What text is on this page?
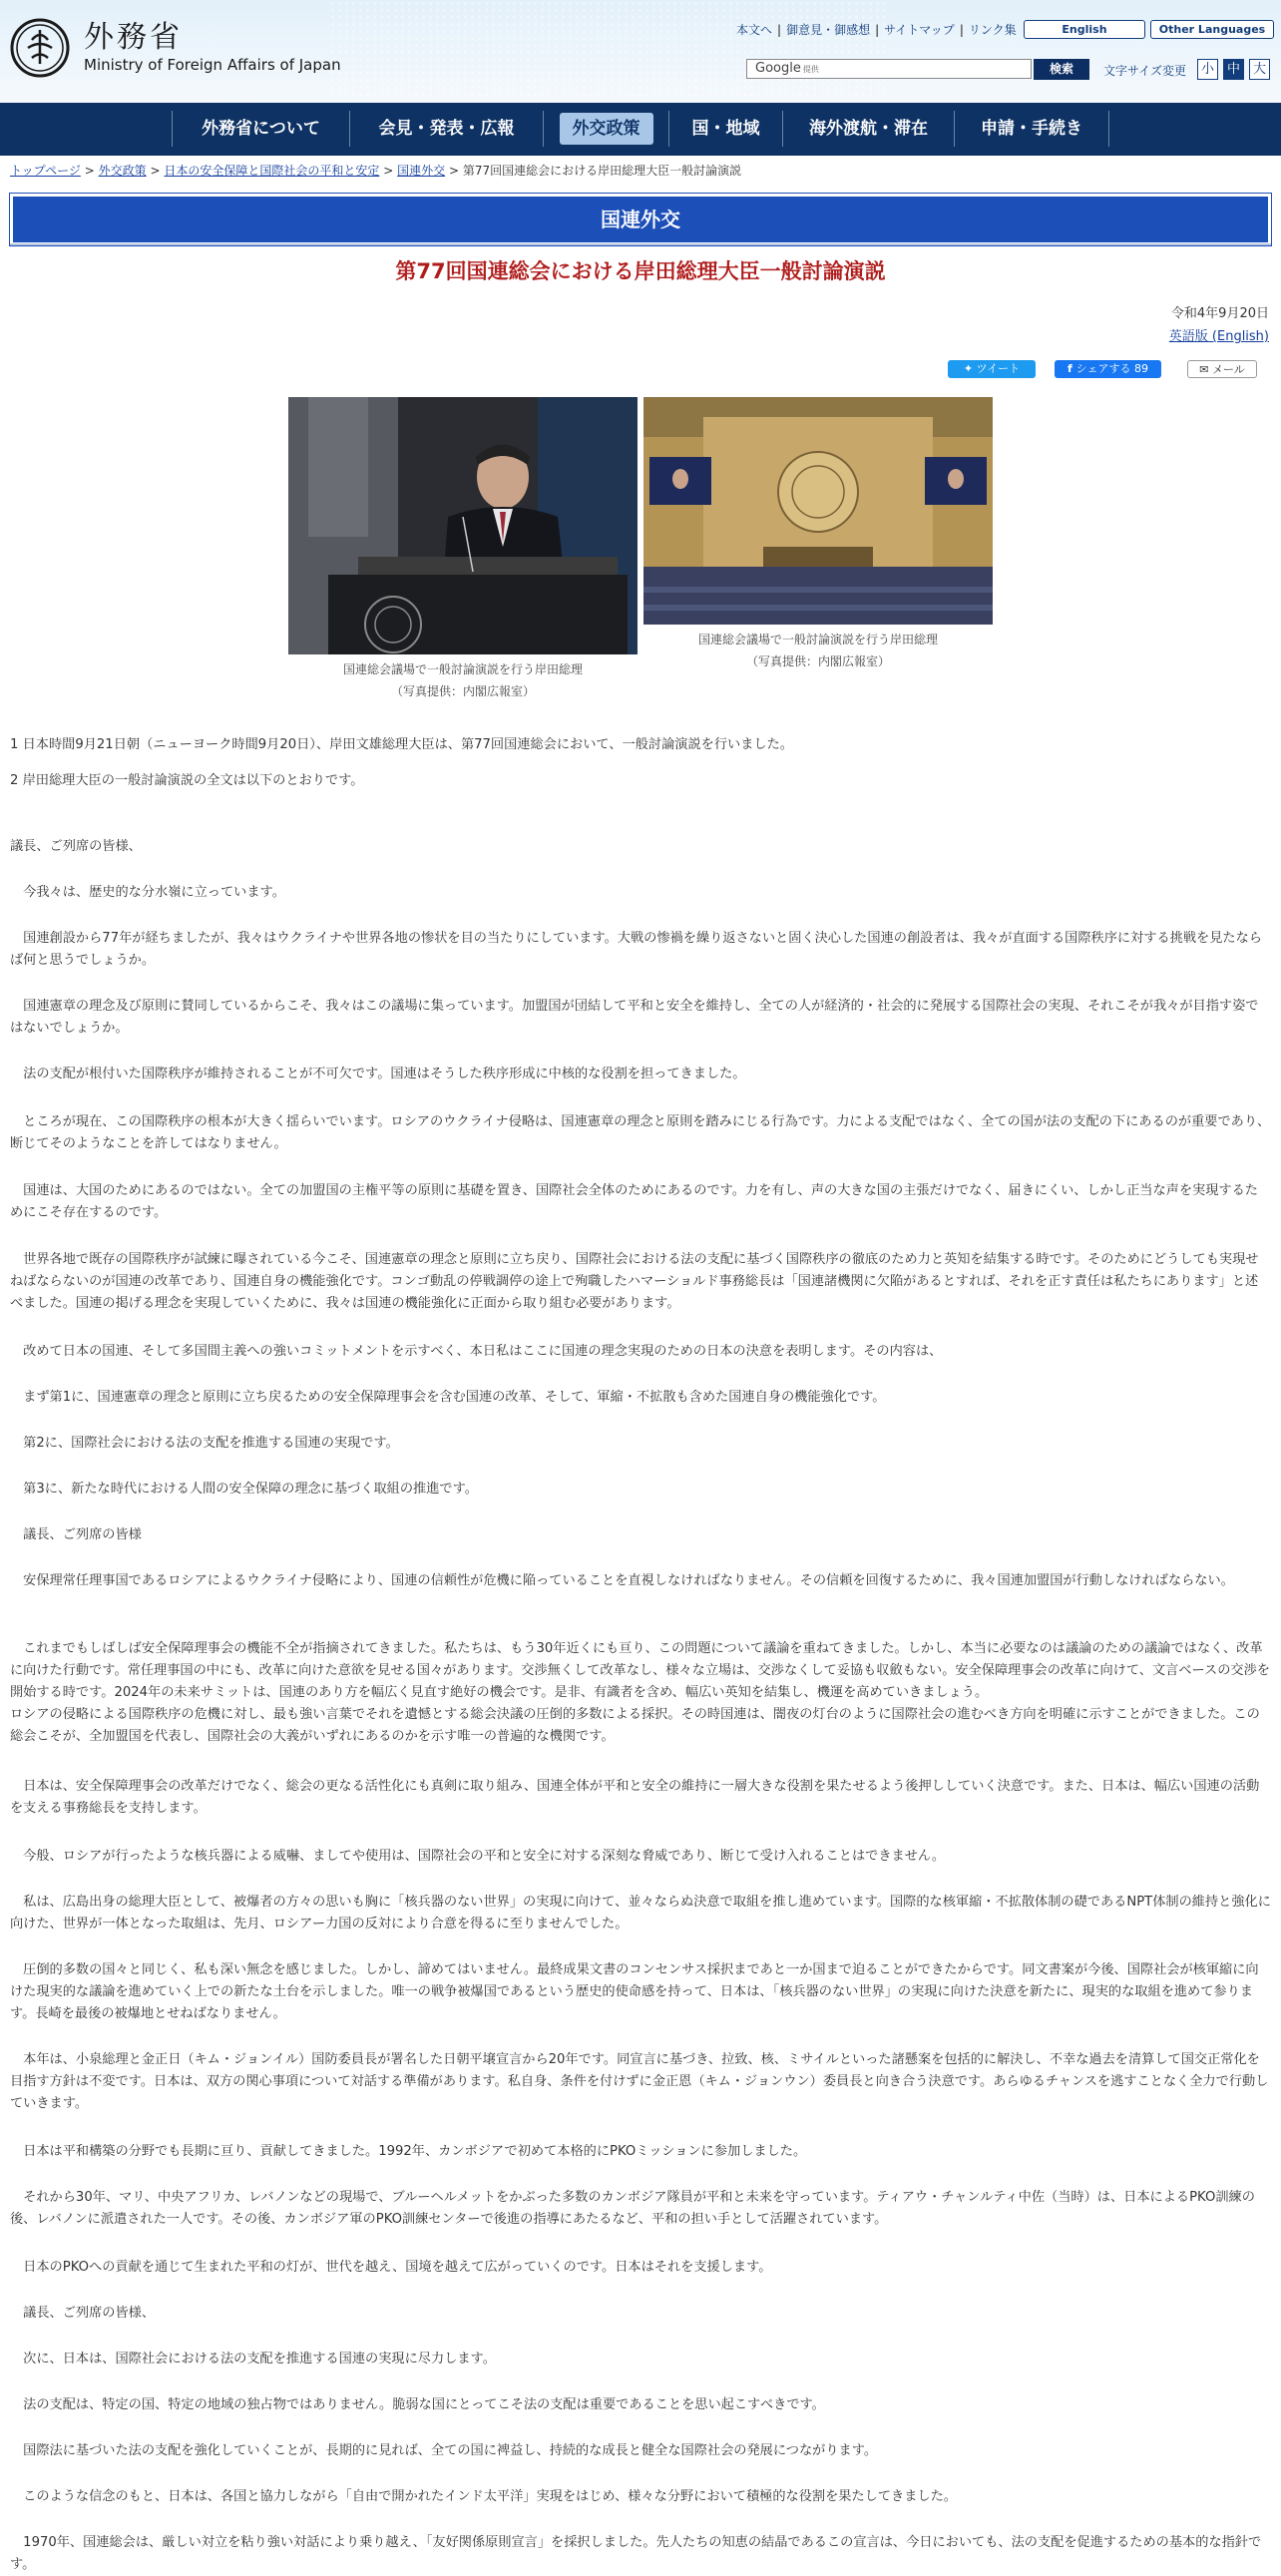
外務省
Ministry of Foreign Affairs of Japan
本文へ | 御意見・御感想 | サイトマップ | リンク集	English	Other Languages
Google 提供	検索	文字サイズ変更	小 中 大
外務省について	会見・発表・広報	外交政策	国・地域	海外渡航・滞在	申請・手続き
トップページ > 外交政策 > 日本の安全保障と国際社会の平和と安定 > 国連外交 > 第77回国連総会における岸田総理大臣一般討論演説
国連外交
第77回国連総会における岸田総理大臣一般討論演説
令和4年9月20日
英語版 (English)
✦ ツイート	f シェアする 89	✉ メール
国連総会議場で一般討論演説を行う岸田総理
（写真提供：内閣広報室）
国連総会議場で一般討論演説を行う岸田総理
（写真提供：内閣広報室）
1 日本時間9月21日朝（ニューヨーク時間9月20日）、岸田文雄総理大臣は、第77回国連総会において、一般討論演説を行いました。
2 岸田総理大臣の一般討論演説の全文は以下のとおりです。
議長、ご列席の皆様、
　今我々は、歴史的な分水嶺に立っています。
　国連創設から77年が経ちましたが、我々はウクライナや世界各地の惨状を目の当たりにしています。大戦の惨禍を繰り返さないと固く決心した国連の創設者は、我々が直面する国際秩序に対する挑戦を見たならば何と思うでしょうか。
　国連憲章の理念及び原則に賛同しているからこそ、我々はこの議場に集っています。加盟国が団結して平和と安全を維持し、全ての人が経済的・社会的に発展する国際社会の実現、それこそが我々が目指す姿ではないでしょうか。
　法の支配が根付いた国際秩序が維持されることが不可欠です。国連はそうした秩序形成に中核的な役割を担ってきました。
　ところが現在、この国際秩序の根本が大きく揺らいでいます。ロシアのウクライナ侵略は、国連憲章の理念と原則を踏みにじる行為です。力による支配ではなく、全ての国が法の支配の下にあるのが重要であり、断じてそのようなことを許してはなりません。
　国連は、大国のためにあるのではない。全ての加盟国の主権平等の原則に基礎を置き、国際社会全体のためにあるのです。力を有し、声の大きな国の主張だけでなく、届きにくい、しかし正当な声を実現するためにこそ存在するのです。
　世界各地で既存の国際秩序が試練に曝されている今こそ、国連憲章の理念と原則に立ち戻り、国際社会における法の支配に基づく国際秩序の徹底のため力と英知を結集する時です。そのためにどうしても実現せねばならないのが国連の改革であり、国連自身の機能強化です。コンゴ動乱の停戦調停の途上で殉職したハマーショルド事務総長は「国連諸機関に欠陥があるとすれば、それを正す責任は私たちにあります」と述べました。国連の掲げる理念を実現していくために、我々は国連の機能強化に正面から取り組む必要があります。
　改めて日本の国連、そして多国間主義への強いコミットメントを示すべく、本日私はここに国連の理念実現のための日本の決意を表明します。その内容は、
　まず第1に、国連憲章の理念と原則に立ち戻るための安全保障理事会を含む国連の改革、そして、軍縮・不拡散も含めた国連自身の機能強化です。
　第2に、国際社会における法の支配を推進する国連の実現です。
　第3に、新たな時代における人間の安全保障の理念に基づく取組の推進です。
　議長、ご列席の皆様
　安保理常任理事国であるロシアによるウクライナ侵略により、国連の信頼性が危機に陥っていることを直視しなければなりません。その信頼を回復するために、我々国連加盟国が行動しなければならない。
　これまでもしばしば安全保障理事会の機能不全が指摘されてきました。私たちは、もう30年近くにも亘り、この問題について議論を重ねてきました。しかし、本当に必要なのは議論のための議論ではなく、改革に向けた行動です。常任理事国の中にも、改革に向けた意欲を見せる国々があります。交渉無くして改革なし、様々な立場は、交渉なくして妥協も収斂もない。安全保障理事会の改革に向けて、文言ベースの交渉を開始する時です。2024年の未来サミットは、国連のあり方を幅広く見直す絶好の機会です。是非、有識者を含め、幅広い英知を結集し、機運を高めていきましょう。
ロシアの侵略による国際秩序の危機に対し、最も強い言葉でそれを遺憾とする総会決議の圧倒的多数による採択。その時国連は、闇夜の灯台のように国際社会の進むべき方向を明確に示すことができました。この総会こそが、全加盟国を代表し、国際社会の大義がいずれにあるのかを示す唯一の普遍的な機関です。
　日本は、安全保障理事会の改革だけでなく、総会の更なる活性化にも真剣に取り組み、国連全体が平和と安全の維持に一層大きな役割を果たせるよう後押ししていく決意です。また、日本は、幅広い国連の活動を支える事務総長を支持します。
　今般、ロシアが行ったような核兵器による威嚇、ましてや使用は、国際社会の平和と安全に対する深刻な脅威であり、断じて受け入れることはできません。
　私は、広島出身の総理大臣として、被爆者の方々の思いも胸に「核兵器のない世界」の実現に向けて、並々ならぬ決意で取組を推し進めています。国際的な核軍縮・不拡散体制の礎であるNPT体制の維持と強化に向けた、世界が一体となった取組は、先月、ロシアー力国の反対により合意を得るに至りませんでした。
　圧倒的多数の国々と同じく、私も深い無念を感じました。しかし、諦めてはいません。最終成果文書のコンセンサス採択まであと一か国まで迫ることができたからです。同文書案が今後、国際社会が核軍縮に向けた現実的な議論を進めていく上での新たな土台を示しました。唯一の戦争被爆国であるという歴史的使命感を持って、日本は、「核兵器のない世界」の実現に向けた決意を新たに、現実的な取組を進めて参ります。長崎を最後の被爆地とせねばなりません。
　本年は、小泉総理と金正日（キム・ジョンイル）国防委員長が署名した日朝平壌宣言から20年です。同宣言に基づき、拉致、核、ミサイルといった諸懸案を包括的に解決し、不幸な過去を清算して国交正常化を目指す方針は不変です。日本は、双方の関心事項について対話する準備があります。私自身、条件を付けずに金正恩（キム・ジョンウン）委員長と向き合う決意です。あらゆるチャンスを逃すことなく全力で行動していきます。
　日本は平和構築の分野でも長期に亘り、貢献してきました。1992年、カンボジアで初めて本格的にPKOミッションに参加しました。
　それから30年、マリ、中央アフリカ、レバノンなどの現場で、ブルーヘルメットをかぶった多数のカンボジア隊員が平和と未来を守っています。ティアウ・チャンルティ中佐（当時）は、日本によるPKO訓練の後、レバノンに派遣された一人です。その後、カンボジア軍のPKO訓練センターで後進の指導にあたるなど、平和の担い手として活躍されています。
　日本のPKOへの貢献を通じて生まれた平和の灯が、世代を越え、国境を越えて広がっていくのです。日本はそれを支援します。
　議長、ご列席の皆様、
　次に、日本は、国際社会における法の支配を推進する国連の実現に尽力します。
　法の支配は、特定の国、特定の地域の独占物ではありません。脆弱な国にとってこそ法の支配は重要であることを思い起こすべきです。
　国際法に基づいた法の支配を強化していくことが、長期的に見れば、全ての国に裨益し、持続的な成長と健全な国際社会の発展につながります。
　このような信念のもと、日本は、各国と協力しながら「自由で開かれたインド太平洋」実現をはじめ、様々な分野において積極的な役割を果たしてきました。
　1970年、国連総会は、厳しい対立を粘り強い対話により乗り越え、「友好関係原則宣言」を採択しました。先人たちの知恵の結晶であるこの宣言は、今日においても、法の支配を促進するための基本的な指針です。
